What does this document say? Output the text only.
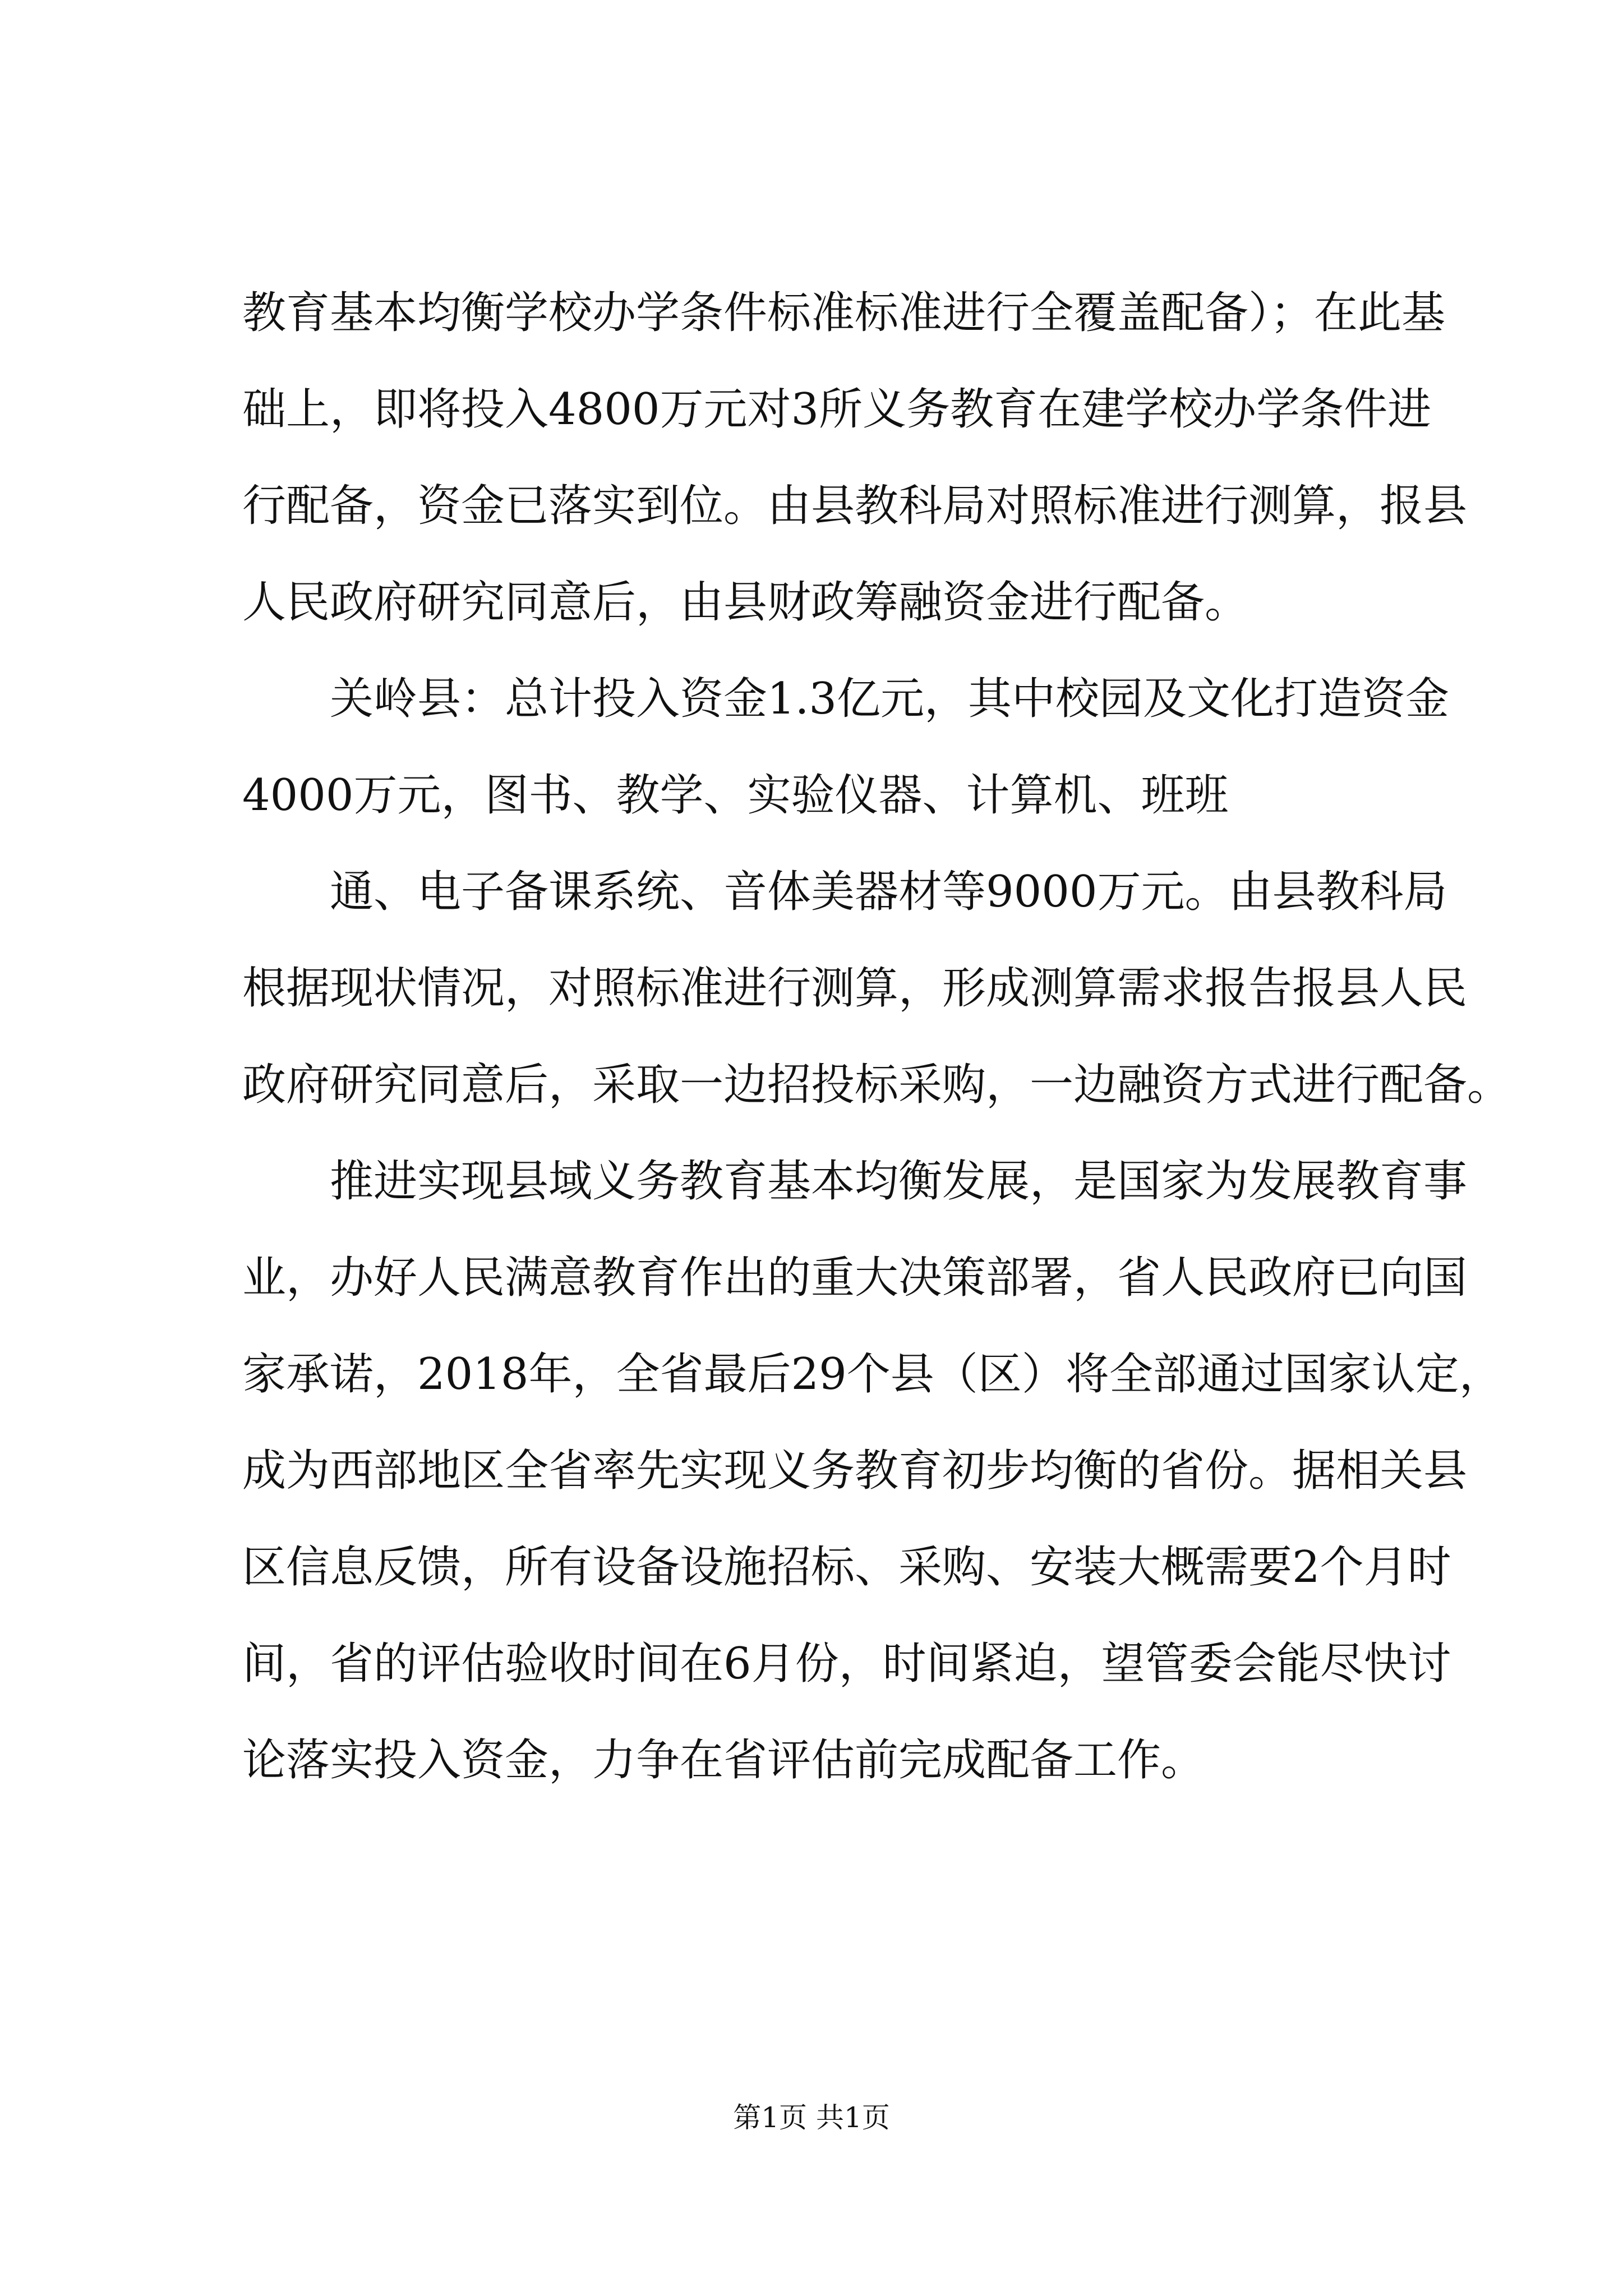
教育基本均衡学校办学条件标准标准进行全覆盖配备）；在此基
础上，即将投入4800万元对3所义务教育在建学校办学条件进
行配备，资金已落实到位。由县教科局对照标准进行测算，报县
人民政府研究同意后，由县财政筹融资金进行配备。
关岭县：总计投入资金1.3亿元，其中校园及文化打造资金
4000万元，图书、教学、实验仪器、计算机、班班
通、电子备课系统、音体美器材等9000万元。由县教科局
根据现状情况，对照标准进行测算，形成测算需求报告报县人民
政府研究同意后，采取一边招投标采购，一边融资方式进行配备。
推进实现县域义务教育基本均衡发展，是国家为发展教育事
业，办好人民满意教育作出的重大决策部署，省人民政府已向国
家承诺，2018年，全省最后29个县（区）将全部通过国家认定，
成为西部地区全省率先实现义务教育初步均衡的省份。据相关县
区信息反馈，所有设备设施招标、采购、安装大概需要2个月时
间，省的评估验收时间在6月份，时间紧迫，望管委会能尽快讨
论落实投入资金，力争在省评估前完成配备工作。
第1页 共1页
